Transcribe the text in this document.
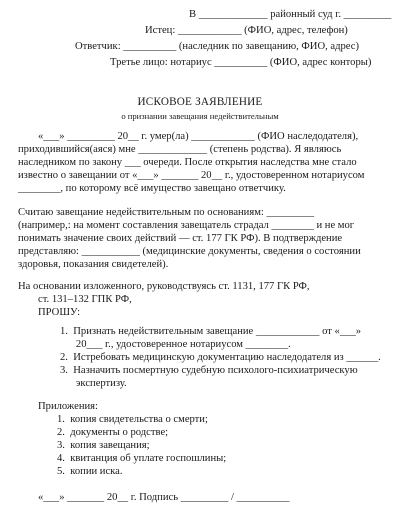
В _____________ районный суд г. _________
Истец: ____________ (ФИО, адрес, телефон)
Ответчик: __________ (наследник по завещанию, ФИО, адрес)
Третье лицо: нотариус __________ (ФИО, адрес конторы)
ИСКОВОЕ ЗАЯВЛЕНИЕ
о признании завещания недействительным
«___» _________ 20__ г. умер(ла) ____________ (ФИО наследодателя),
приходившийся(аяся) мне _____________ (степень родства). Я являюсь
наследником по закону ___ очереди. После открытия наследства мне стало
известно о завещании от «___» _______ 20__ г., удостоверенном нотариусом
________, по которому всё имущество завещано ответчику.
Считаю завещание недействительным по основаниям: _________
(например,: на момент составления завещатель страдал ________ и не мог
понимать значение своих действий — ст. 177 ГК РФ). В подтверждение
представляю: ___________ (медицинские документы, сведения о состоянии
здоровья, показания свидетелей).
На основании изложенного, руководствуясь ст. 1131, 177 ГК РФ,
ст. 131–132 ГПК РФ,
ПРОШУ:
1.  Признать недействительным завещание ____________ от «___»
20___ г., удостоверенное нотариусом ________.
2.  Истребовать медицинскую документацию наследодателя из ______.
3.  Назначить посмертную судебную психолого-психиатрическую
экспертизу.
Приложения:
1.  копия свидетельства о смерти;
2.  документы о родстве;
3.  копия завещания;
4.  квитанция об уплате госпошлины;
5.  копии иска.
«___» _______ 20__ г. Подпись _________ / __________
